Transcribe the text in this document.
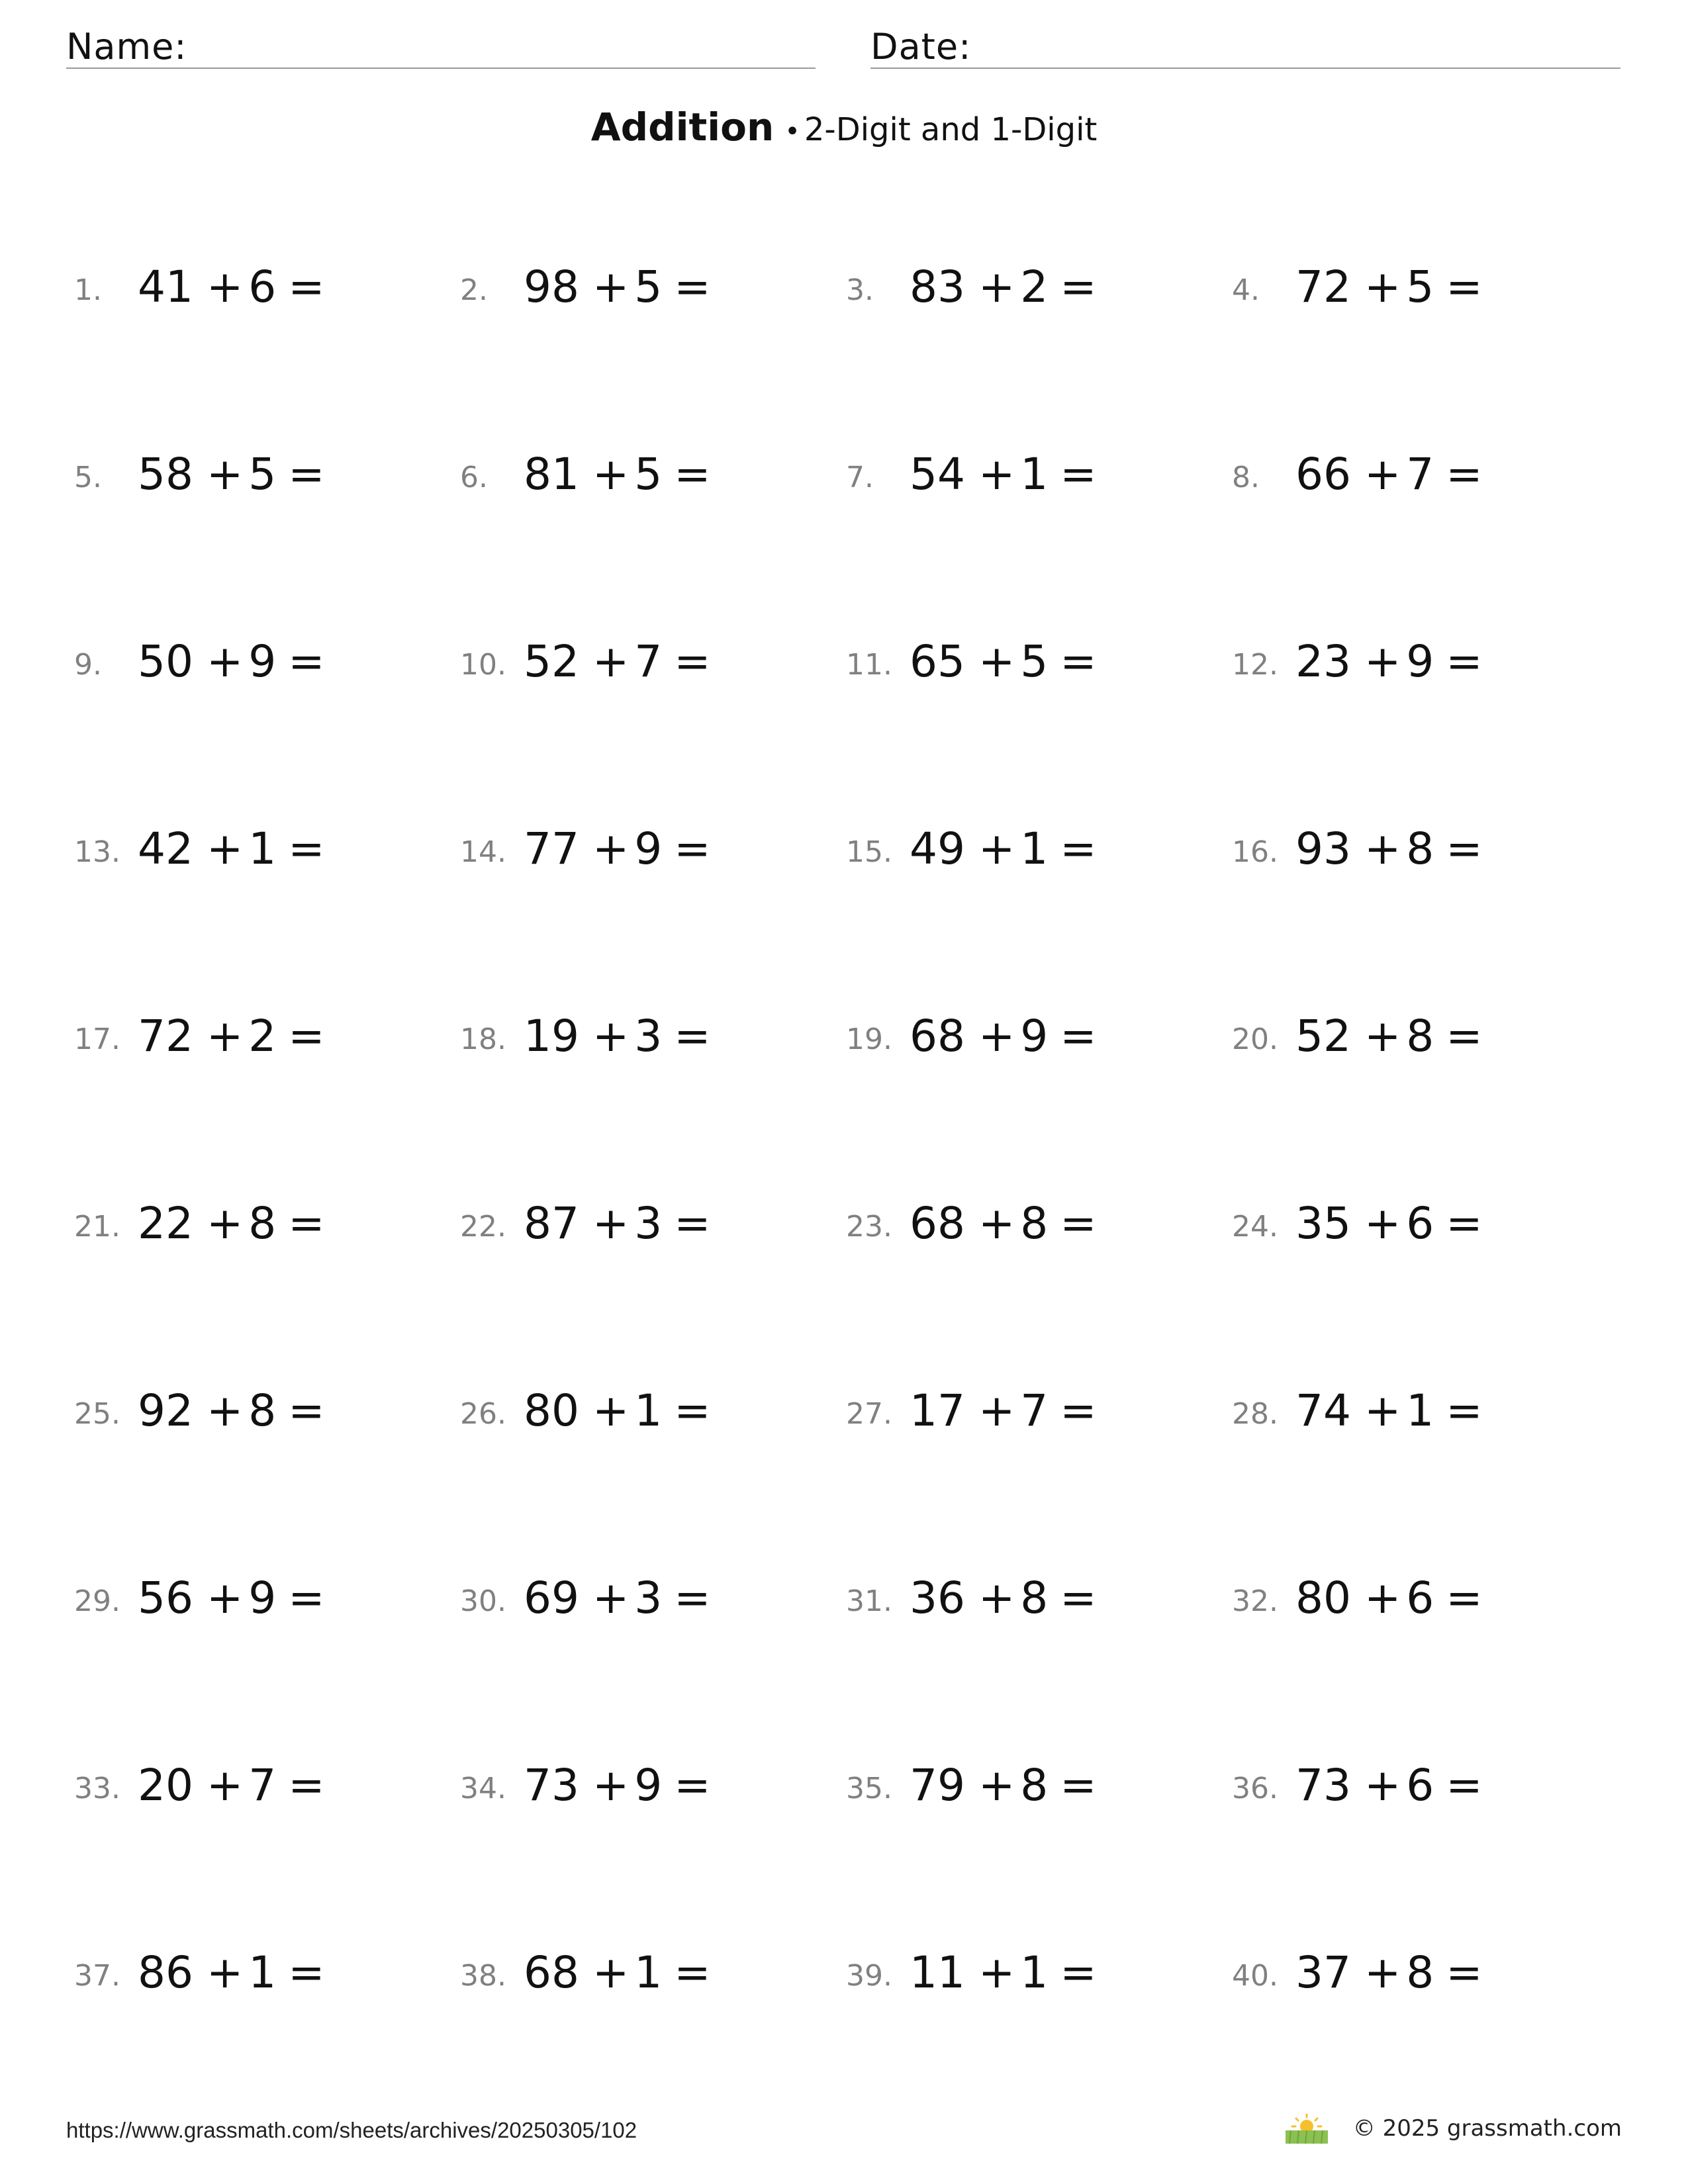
Name:	Date:
Addition • 2-Digit and 1-Digit
1. 41 + 6 =	2. 98 + 5 =	3. 83 + 2 =	4. 72 + 5 =
5. 58 + 5 =	6. 81 + 5 =	7. 54 + 1 =	8. 66 + 7 =
9. 50 + 9 =	10. 52 + 7 =	11. 65 + 5 =	12. 23 + 9 =
13. 42 + 1 =	14. 77 + 9 =	15. 49 + 1 =	16. 93 + 8 =
17. 72 + 2 =	18. 19 + 3 =	19. 68 + 9 =	20. 52 + 8 =
21. 22 + 8 =	22. 87 + 3 =	23. 68 + 8 =	24. 35 + 6 =
25. 92 + 8 =	26. 80 + 1 =	27. 17 + 7 =	28. 74 + 1 =
29. 56 + 9 =	30. 69 + 3 =	31. 36 + 8 =	32. 80 + 6 =
33. 20 + 7 =	34. 73 + 9 =	35. 79 + 8 =	36. 73 + 6 =
37. 86 + 1 =	38. 68 + 1 =	39. 11 + 1 =	40. 37 + 8 =
https://www.grassmath.com/sheets/archives/20250305/102	© 2025 grassmath.com
